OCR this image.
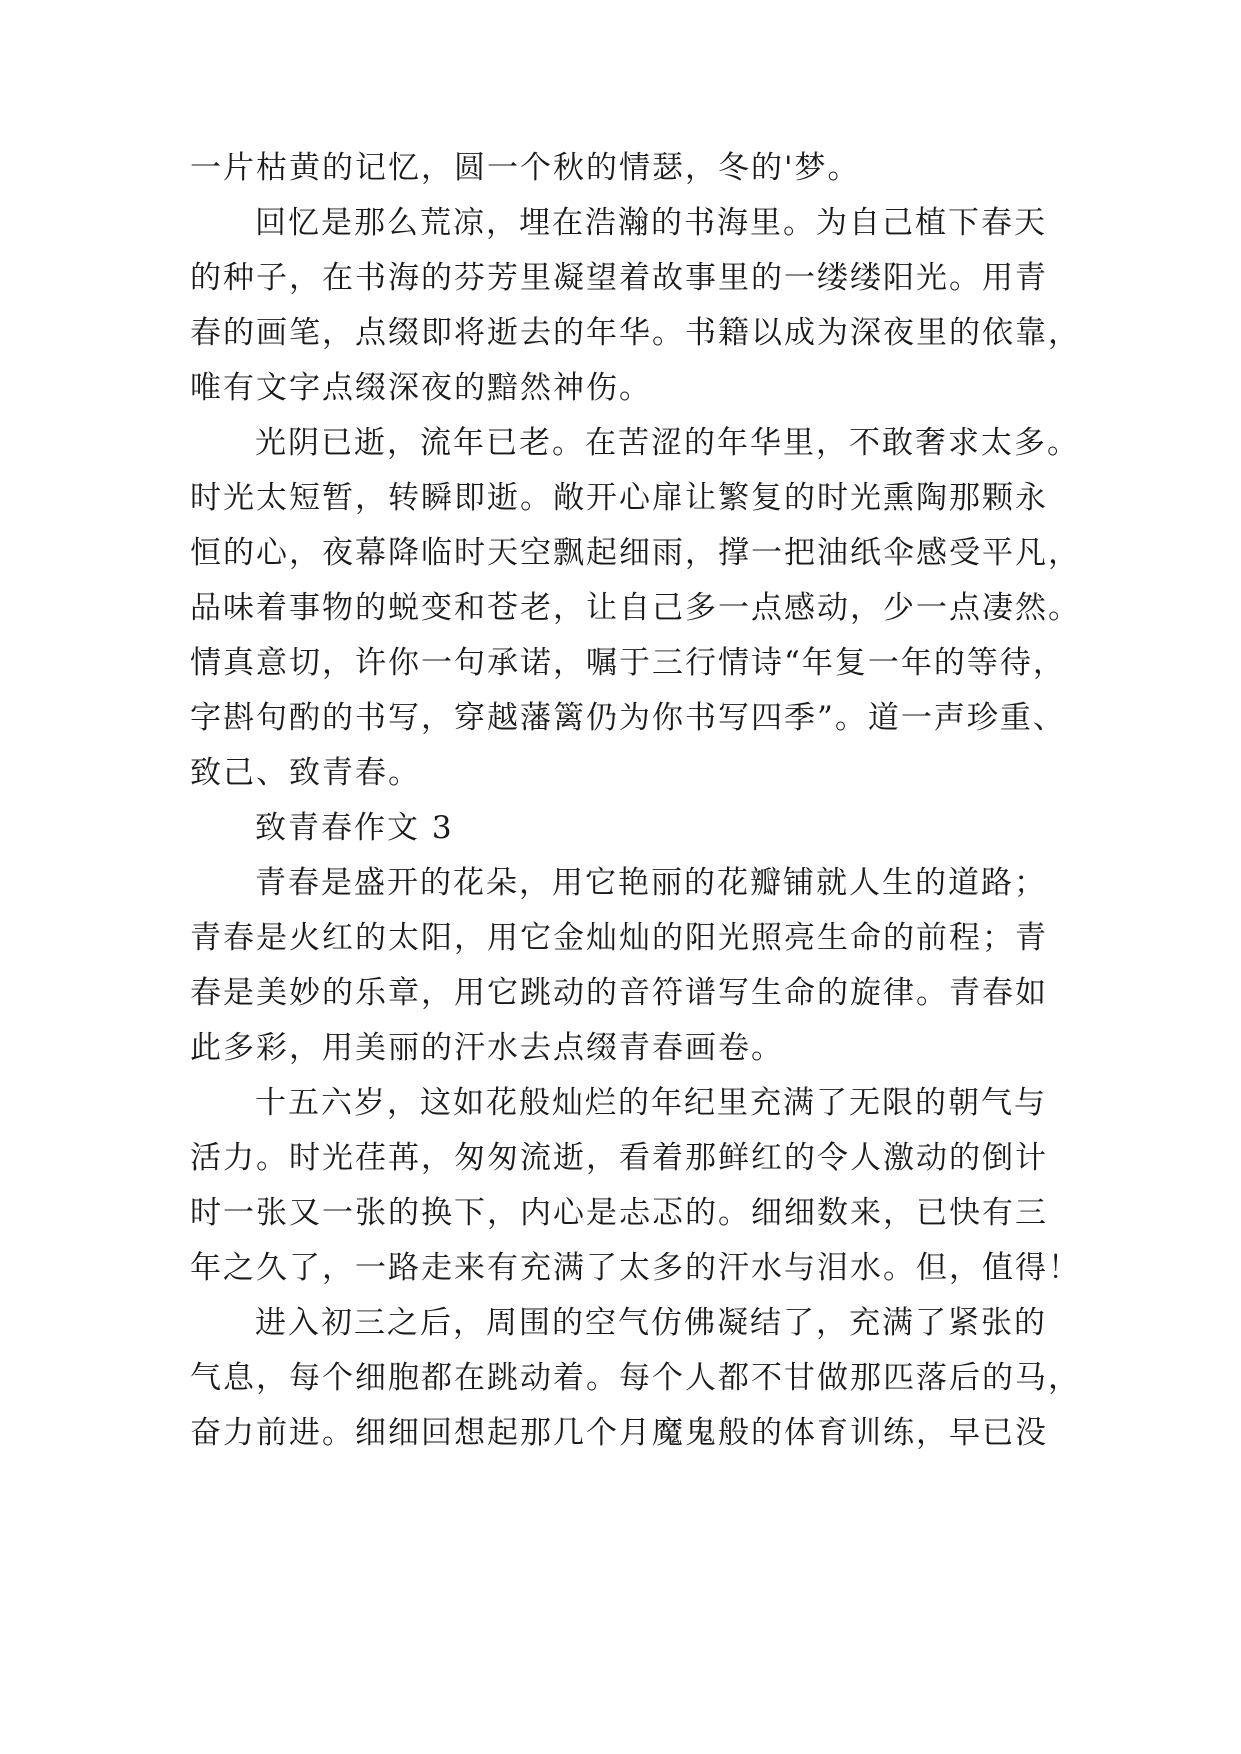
一片枯黄的记忆，圆一个秋的情瑟，冬的'梦。
回忆是那么荒凉，埋在浩瀚的书海里。为自己植下春天
的种子，在书海的芬芳里凝望着故事里的一缕缕阳光。用青
春的画笔，点缀即将逝去的年华。书籍以成为深夜里的依靠，
唯有文字点缀深夜的黯然神伤。
光阴已逝，流年已老。在苦涩的年华里，不敢奢求太多。
时光太短暂，转瞬即逝。敞开心扉让繁复的时光熏陶那颗永
恒的心，夜幕降临时天空飘起细雨，撑一把油纸伞感受平凡，
品味着事物的蜕变和苍老，让自己多一点感动，少一点凄然。
情真意切，许你一句承诺，嘱于三行情诗“年复一年的等待，
字斟句酌的书写，穿越藩篱仍为你书写四季”。道一声珍重、
致己、致青春。
致青春作文 3
青春是盛开的花朵，用它艳丽的花瓣铺就人生的道路；
青春是火红的太阳，用它金灿灿的阳光照亮生命的前程；青
春是美妙的乐章，用它跳动的音符谱写生命的旋律。青春如
此多彩，用美丽的汗水去点缀青春画卷。
十五六岁，这如花般灿烂的年纪里充满了无限的朝气与
活力。时光荏苒，匆匆流逝，看着那鲜红的令人激动的倒计
时一张又一张的换下，内心是忐忑的。细细数来，已快有三
年之久了，一路走来有充满了太多的汗水与泪水。但，值得！
进入初三之后，周围的空气仿佛凝结了，充满了紧张的
气息，每个细胞都在跳动着。每个人都不甘做那匹落后的马，
奋力前进。细细回想起那几个月魔鬼般的体育训练，早已没
